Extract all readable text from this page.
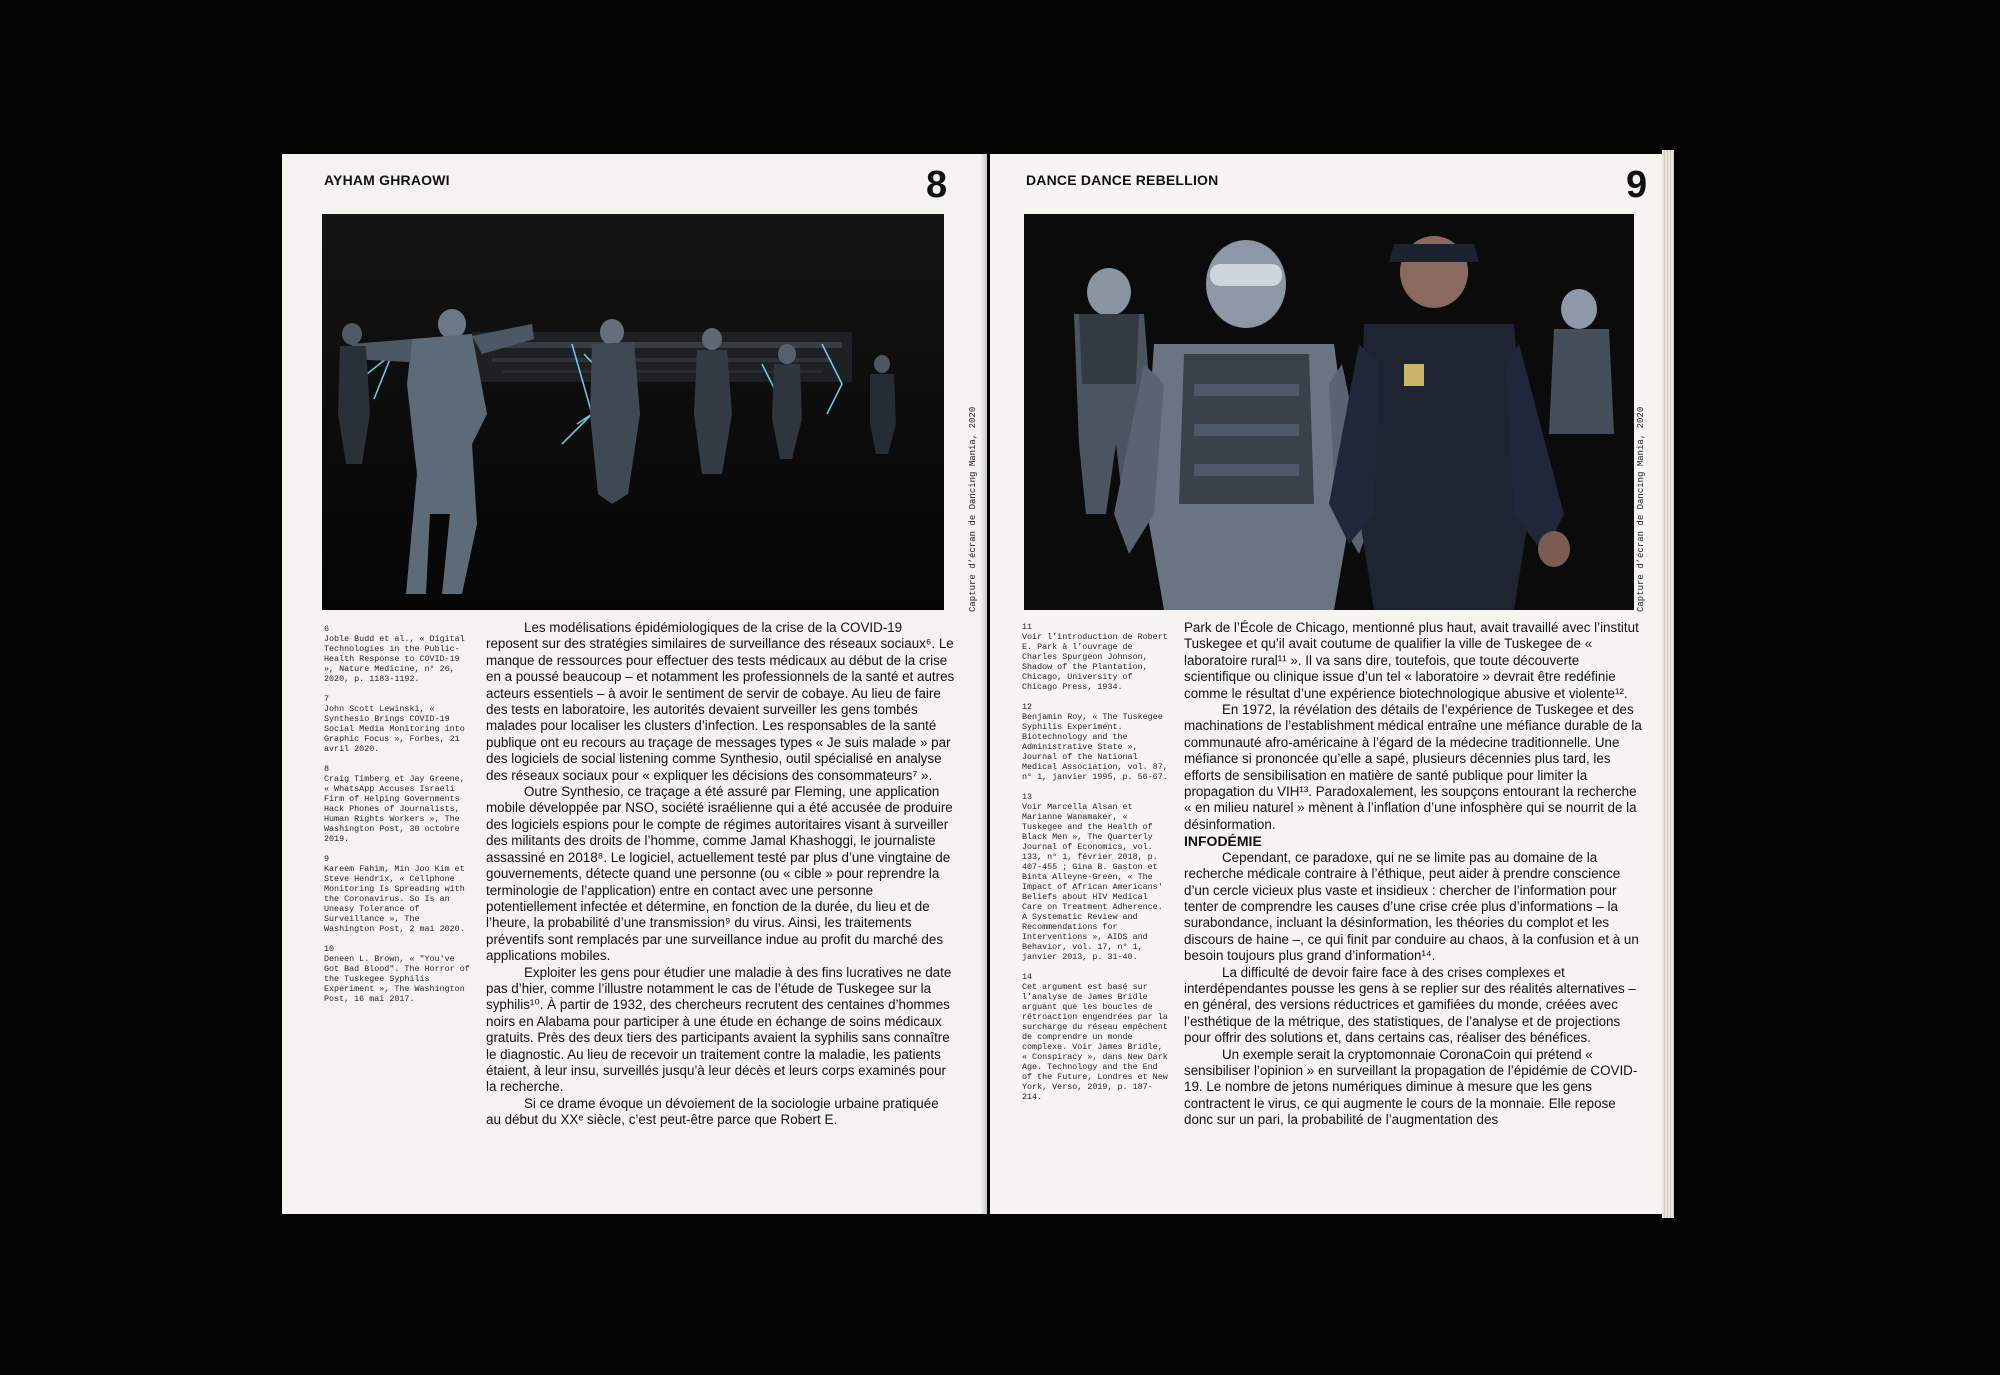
AYHAM GHRAOWI	8
Capture d’écran de Dancing Mania, 2020
6
Joble Budd et al., « Digital Technologies in the Public-Health Response to COVID-19 », Nature Medicine, n° 26, 2020, p. 1183-1192.
7
John Scott Lewinski, « Synthesio Brings COVID-19 Social Media Monitoring into Graphic Focus », Forbes, 21 avril 2020.
8
Craig Timberg et Jay Greene, « WhatsApp Accuses Israeli Firm of Helping Governments Hack Phones of Journalists, Human Rights Workers », The Washington Post, 30 octobre 2019.
9
Kareem Fahim, Min Joo Kim et Steve Hendrix, « Cellphone Monitoring Is Spreading with the Coronavirus. So Is an Uneasy Tolerance of Surveillance », The Washington Post, 2 mai 2020.
10
Deneen L. Brown, « "You've Got Bad Blood". The Horror of the Tuskegee Syphilis Experiment », The Washington Post, 16 mai 2017.

Les modélisations épidémiologiques de la crise de la COVID-19 reposent sur des stratégies similaires de surveillance des réseaux sociaux⁶. Le manque de ressources pour effectuer des tests médicaux au début de la crise en a poussé beaucoup – et notamment les professionnels de la santé et autres acteurs essentiels – à avoir le sentiment de servir de cobaye. Au lieu de faire des tests en laboratoire, les autorités devaient surveiller les gens tombés malades pour localiser les clusters d’infection. Les responsables de la santé publique ont eu recours au traçage de messages types « Je suis malade » par des logiciels de social listening comme Synthesio, outil spécialisé en analyse des réseaux sociaux pour « expliquer les décisions des consommateurs⁷ ».

Outre Synthesio, ce traçage a été assuré par Fleming, une application mobile développée par NSO, société israélienne qui a été accusée de produire des logiciels espions pour le compte de régimes autoritaires visant à surveiller des militants des droits de l’homme, comme Jamal Khashoggi, le journaliste assassiné en 2018⁸. Le logiciel, actuellement testé par plus d’une vingtaine de gouvernements, détecte quand une personne (ou « cible » pour reprendre la terminologie de l’application) entre en contact avec une personne potentiellement infectée et détermine, en fonction de la durée, du lieu et de l’heure, la probabilité d’une transmission⁹ du virus. Ainsi, les traitements préventifs sont remplacés par une surveillance indue au profit du marché des applications mobiles.

Exploiter les gens pour étudier une maladie à des fins lucratives ne date pas d’hier, comme l’illustre notamment le cas de l’étude de Tuskegee sur la syphilis¹⁰. À partir de 1932, des chercheurs recrutent des centaines d’hommes noirs en Alabama pour participer à une étude en échange de soins médicaux gratuits. Près des deux tiers des participants avaient la syphilis sans connaître le diagnostic. Au lieu de recevoir un traitement contre la maladie, les patients étaient, à leur insu, surveillés jusqu’à leur décès et leurs corps examinés pour la recherche.

Si ce drame évoque un dévoiement de la sociologie urbaine pratiquée au début du XXᵉ siècle, c’est peut-être parce que Robert E.

DANCE DANCE REBELLION	9
Capture d’écran de Dancing Mania, 2020
11
Voir l’introduction de Robert E. Park à l’ouvrage de Charles Spurgeon Johnson, Shadow of the Plantation, Chicago, University of Chicago Press, 1934.
12
Benjamin Roy, « The Tuskegee Syphilis Experiment. Biotechnology and the Administrative State », Journal of the National Medical Association, vol. 87, n° 1, janvier 1995, p. 56-67.
13
Voir Marcella Alsan et Marianne Wanamaker, « Tuskegee and the Health of Black Men », The Quarterly Journal of Economics, vol. 133, n° 1, février 2018, p. 407-455 ; Gina B. Gaston et Binta Alleyne-Green, « The Impact of African Americans' Beliefs about HIV Medical Care on Treatment Adherence. A Systematic Review and Recommendations for Interventions », AIDS and Behavior, vol. 17, n° 1, janvier 2013, p. 31-40.
14
Cet argument est basé sur l’analyse de James Bridle arguant que les boucles de rétroaction engendrées par la surcharge du réseau empêchent de comprendre un monde complexe. Voir James Bridle, « Conspiracy », dans New Dark Age. Technology and the End of the Future, Londres et New York, Verso, 2019, p. 187-214.

Park de l’École de Chicago, mentionné plus haut, avait travaillé avec l’institut Tuskegee et qu’il avait coutume de qualifier la ville de Tuskegee de « laboratoire rural¹¹ ». Il va sans dire, toutefois, que toute découverte scientifique ou clinique issue d’un tel « laboratoire » devrait être redéfinie comme le résultat d’une expérience biotechnologique abusive et violente¹².

En 1972, la révélation des détails de l’expérience de Tuskegee et des machinations de l’establishment médical entraîne une méfiance durable de la communauté afro-américaine à l’égard de la médecine traditionnelle. Une méfiance si prononcée qu’elle a sapé, plusieurs décennies plus tard, les efforts de sensibilisation en matière de santé publique pour limiter la propagation du VIH¹³. Paradoxalement, les soupçons entourant la recherche « en milieu naturel » mènent à l’inflation d’une infosphère qui se nourrit de la désinformation.

INFODÉMIE

Cependant, ce paradoxe, qui ne se limite pas au domaine de la recherche médicale contraire à l’éthique, peut aider à prendre conscience d’un cercle vicieux plus vaste et insidieux : chercher de l’information pour tenter de comprendre les causes d’une crise crée plus d’informations – la surabondance, incluant la désinformation, les théories du complot et les discours de haine –, ce qui finit par conduire au chaos, à la confusion et à un besoin toujours plus grand d’information¹⁴.

La difficulté de devoir faire face à des crises complexes et interdépendantes pousse les gens à se replier sur des réalités alternatives – en général, des versions réductrices et gamifiées du monde, créées avec l’esthétique de la métrique, des statistiques, de l’analyse et de projections pour offrir des solutions et, dans certains cas, réaliser des bénéfices.

Un exemple serait la cryptomonnaie CoronaCoin qui prétend « sensibiliser l’opinion » en surveillant la propagation de l’épidémie de COVID-19. Le nombre de jetons numériques diminue à mesure que les gens contractent le virus, ce qui augmente le cours de la monnaie. Elle repose donc sur un pari, la probabilité de l’augmentation des
